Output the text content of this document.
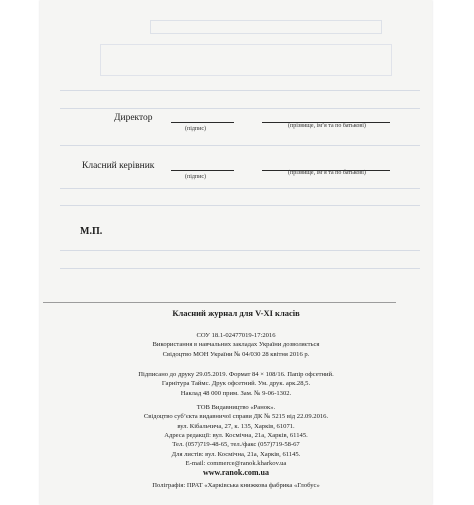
Директор
(підпис)	(прізвище, ім’я та по батькові)
Класний керівник
(підпис)
(прізвище, ім’я та по батькові)
М.П.
Класний журнал для V-XI класів
СОУ 18.1-02477019-17:2016
Використання в навчальних закладах України дозволяється
Свідоцтво МОН України № 04/030 28 квітня 2016 р.
Підписано до друку 29.05.2019. Формат 84 × 108/16. Папір офсетний.
Гарнітура Таймс. Друк офсетний. Ум. друк. арк.28,5.
Наклад 48 000 прим. Зам. № 9-06-1302.
ТОВ Видавництво «Ранок».
Свідоцтво суб’єкта видавничої справи ДК № 5215 від 22.09.2016.
вул. Кібальчича, 27, к. 135, Харків, 61071.
Адреса редакції: вул. Космічна, 21а, Харків, 61145.
Тел. (057)719-48-65, тел./факс (057)719-58-67
Для листів: вул. Космічна, 21а, Харків, 61145.
E-mail: commerce@ranok.kharkov.ua
www.ranok.com.ua
Поліграфія: ПРАТ «Харківська книжкова фабрика «Глобус»
